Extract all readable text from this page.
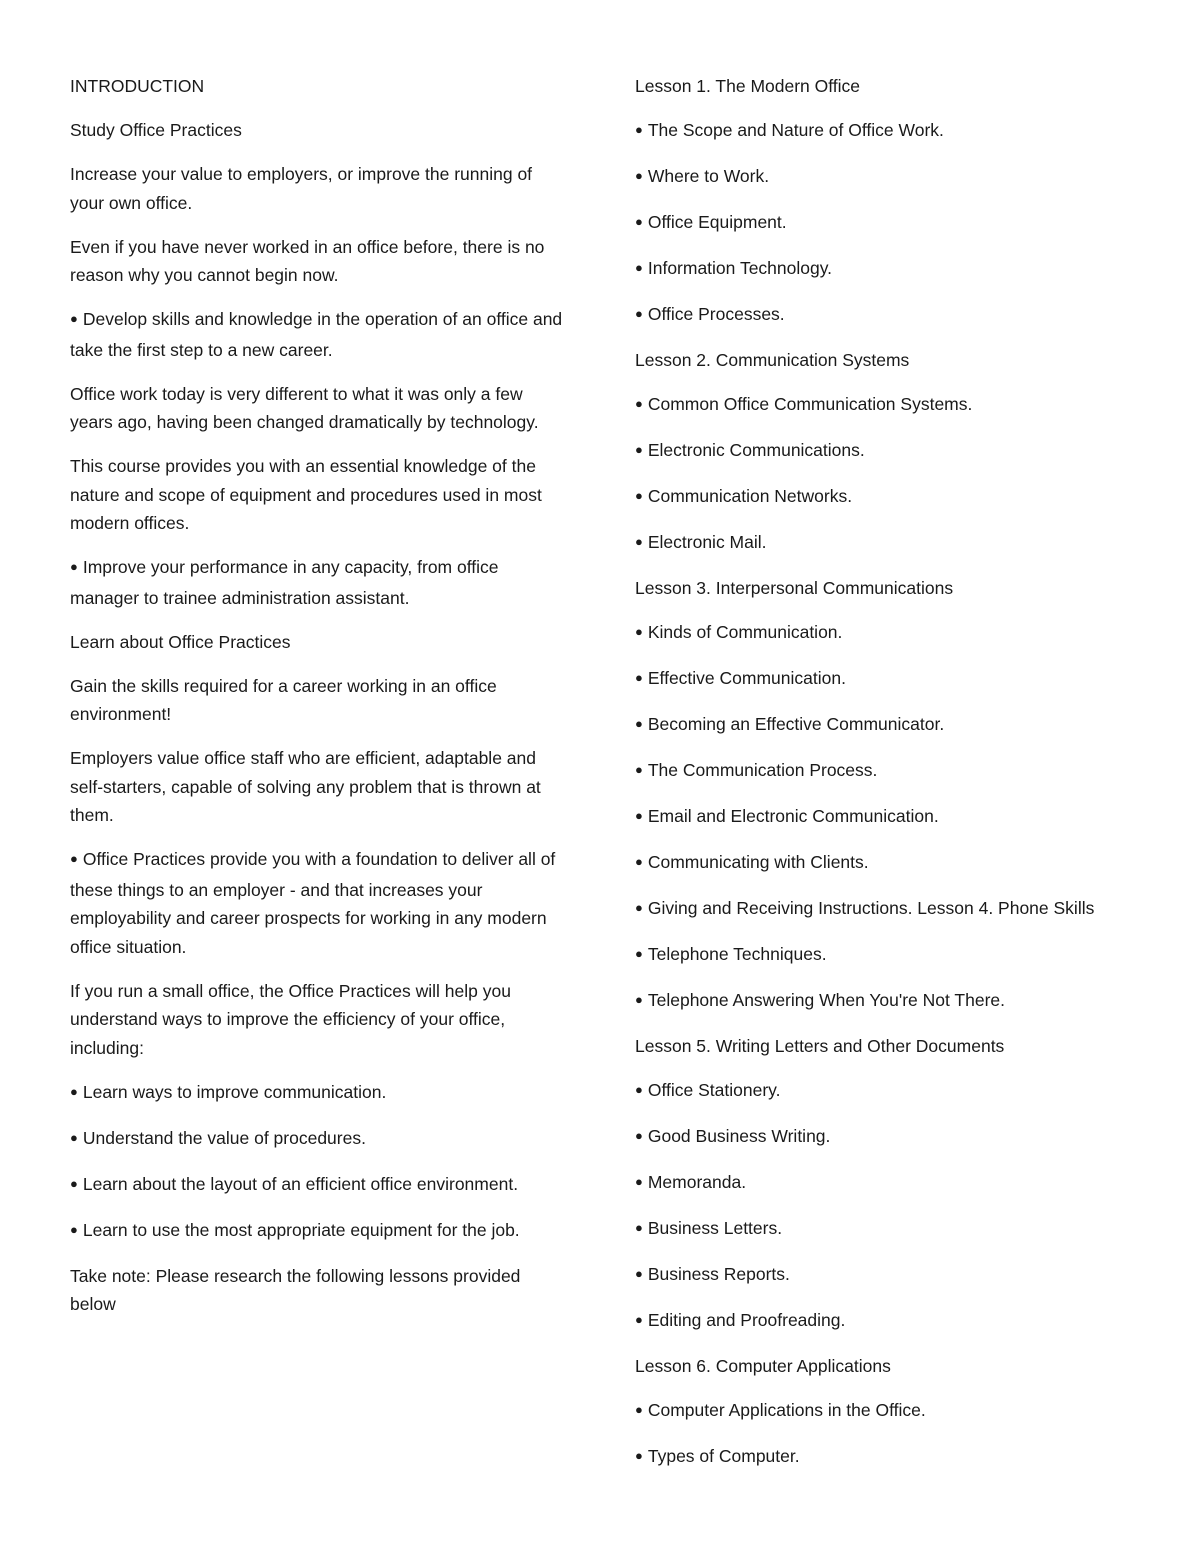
INTRODUCTION

Study Office Practices

Increase your value to employers, or improve the running of your own office.

Even if you have never worked in an office before, there is no reason why you cannot begin now.

● Develop skills and knowledge in the operation of an office and take the first step to a new career.

Office work today is very different to what it was only a few years ago, having been changed dramatically by technology.

This course provides you with an essential knowledge of the nature and scope of equipment and procedures used in most modern offices.

● Improve your performance in any capacity, from office manager to trainee administration assistant.

Learn about Office Practices

Gain the skills required for a career working in an office environment!

Employers value office staff who are efficient, adaptable and self-starters, capable of solving any problem that is thrown at them.

● Office Practices provide you with a foundation to deliver all of these things to an employer - and that increases your employability and career prospects for working in any modern office situation.

If you run a small office, the Office Practices will help you understand ways to improve the efficiency of your office, including:

● Learn ways to improve communication.

● Understand the value of procedures.

● Learn about the layout of an efficient office environment.

● Learn to use the most appropriate equipment for the job.

Take note: Please research the following lessons provided below

Lesson 1. The Modern Office

● The Scope and Nature of Office Work.

● Where to Work.

● Office Equipment.

● Information Technology.

● Office Processes.

Lesson 2. Communication Systems

● Common Office Communication Systems.

● Electronic Communications.

● Communication Networks.

● Electronic Mail.

Lesson 3. Interpersonal Communications

● Kinds of Communication.

● Effective Communication.

● Becoming an Effective Communicator.

● The Communication Process.

● Email and Electronic Communication.

● Communicating with Clients.

● Giving and Receiving Instructions. Lesson 4. Phone Skills

● Telephone Techniques.

● Telephone Answering When You're Not There.

Lesson 5. Writing Letters and Other Documents

● Office Stationery.

● Good Business Writing.

● Memoranda.

● Business Letters.

● Business Reports.

● Editing and Proofreading.

Lesson 6. Computer Applications

● Computer Applications in the Office.

● Types of Computer.
